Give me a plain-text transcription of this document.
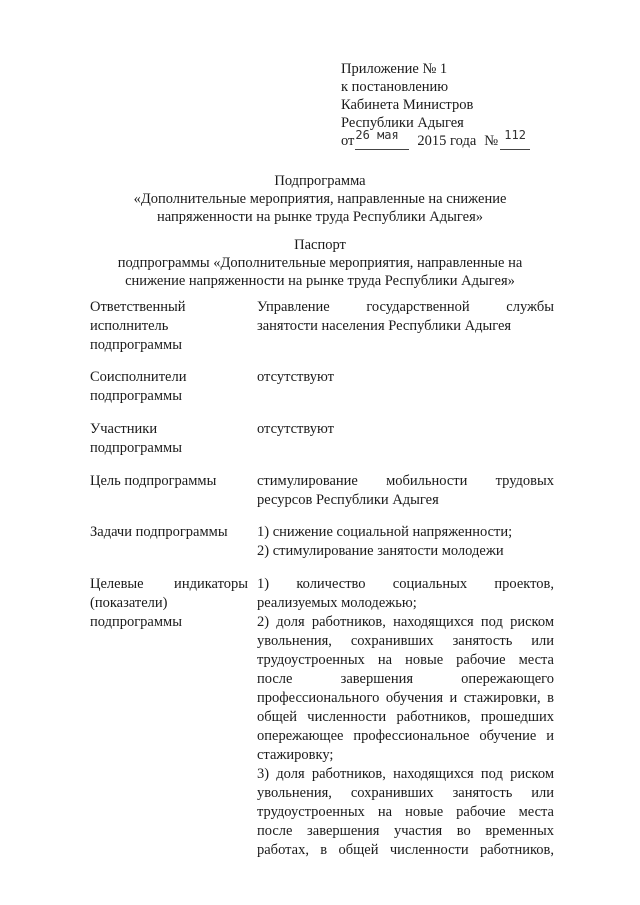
Приложение № 1
к постановлению
Кабинета Министров
Республики Адыгея
$от^{26 мая}$ 2015 года № $^{112}$
Подпрограмма
«Дополнительные мероприятия, направленные на снижение
напряженности на рынке труда Республики Адыгея»
Паспорт
подпрограммы «Дополнительные мероприятия, направленные на
снижение напряженности на рынке труда Республики Адыгея»
Ответственный
исполнитель
подпрограммы
Управление государственной службы
занятости населения Республики Адыгея
Соисполнители
подпрограммы
отсутствуют
Участники
подпрограммы
отсутствуют
Цель подпрограммы	стимулирование мобильности трудовых
ресурсов Республики Адыгея
Задачи подпрограммы	1) снижение социальной напряженности;
2) стимулирование занятости молодежи
Целевые индикаторы
(показатели)
подпрограммы
1) количество социальных проектов,
реализуемых молодежью;
2) доля работников, находящихся под риском
увольнения, сохранивших занятость или
трудоустроенных на новые рабочие места
после завершения опережающего
профессионального обучения и стажировки, в
общей численности работников, прошедших
опережающее профессиональное обучение и
стажировку;
3) доля работников, находящихся под риском
увольнения, сохранивших занятость или
трудоустроенных на новые рабочие места
после завершения участия во временных
работах, в общей численности работников,
